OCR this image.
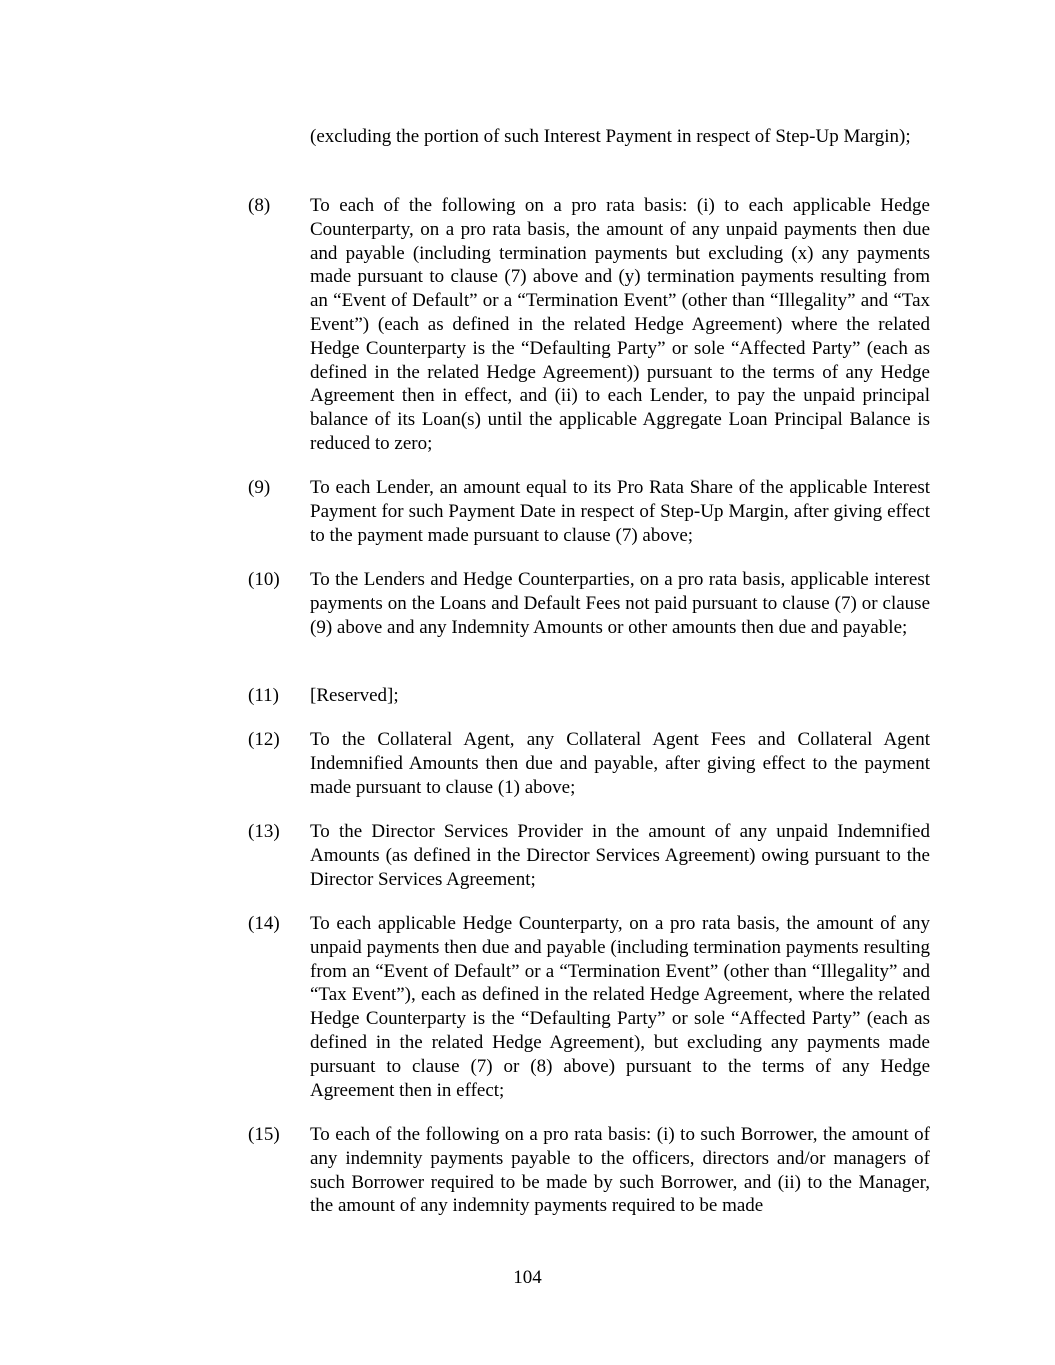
(excluding the portion of such Interest Payment in respect of Step-Up Margin);
(8)	To each of the following on a pro rata basis: (i) to each applicable Hedge Counterparty, on a pro rata basis, the amount of any unpaid payments then due and payable (including termination payments but excluding (x) any payments made pursuant to clause (7) above and (y) termination payments resulting from an “Event of Default” or a “Termination Event” (other than “Illegality” and “Tax Event”) (each as defined in the related Hedge Agreement) where the related Hedge Counterparty is the “Defaulting Party” or sole “Affected Party” (each as defined in the related Hedge Agreement)) pursuant to the terms of any Hedge Agreement then in effect, and (ii) to each Lender, to pay the unpaid principal balance of its Loan(s) until the applicable Aggregate Loan Principal Balance is reduced to zero;
(9)	To each Lender, an amount equal to its Pro Rata Share of the applicable Interest Payment for such Payment Date in respect of Step-Up Margin, after giving effect to the payment made pursuant to clause (7) above;
(10)	To the Lenders and Hedge Counterparties, on a pro rata basis, applicable interest payments on the Loans and Default Fees not paid pursuant to clause (7) or clause (9) above and any Indemnity Amounts or other amounts then due and payable;
(11)	[Reserved];
(12)	To the Collateral Agent, any Collateral Agent Fees and Collateral Agent Indemnified Amounts then due and payable, after giving effect to the payment made pursuant to clause (1) above;
(13)	To the Director Services Provider in the amount of any unpaid Indemnified Amounts (as defined in the Director Services Agreement) owing pursuant to the Director Services Agreement;
(14)	To each applicable Hedge Counterparty, on a pro rata basis, the amount of any unpaid payments then due and payable (including termination payments resulting from an “Event of Default” or a “Termination Event” (other than “Illegality” and “Tax Event”), each as defined in the related Hedge Agreement, where the related Hedge Counterparty is the “Defaulting Party” or sole “Affected Party” (each as defined in the related Hedge Agreement), but excluding any payments made pursuant to clause (7) or (8) above) pursuant to the terms of any Hedge Agreement then in effect;
(15)	To each of the following on a pro rata basis: (i) to such Borrower, the amount of any indemnity payments payable to the officers, directors and/or managers of such Borrower required to be made by such Borrower, and (ii) to the Manager, the amount of any indemnity payments required to be made
104
